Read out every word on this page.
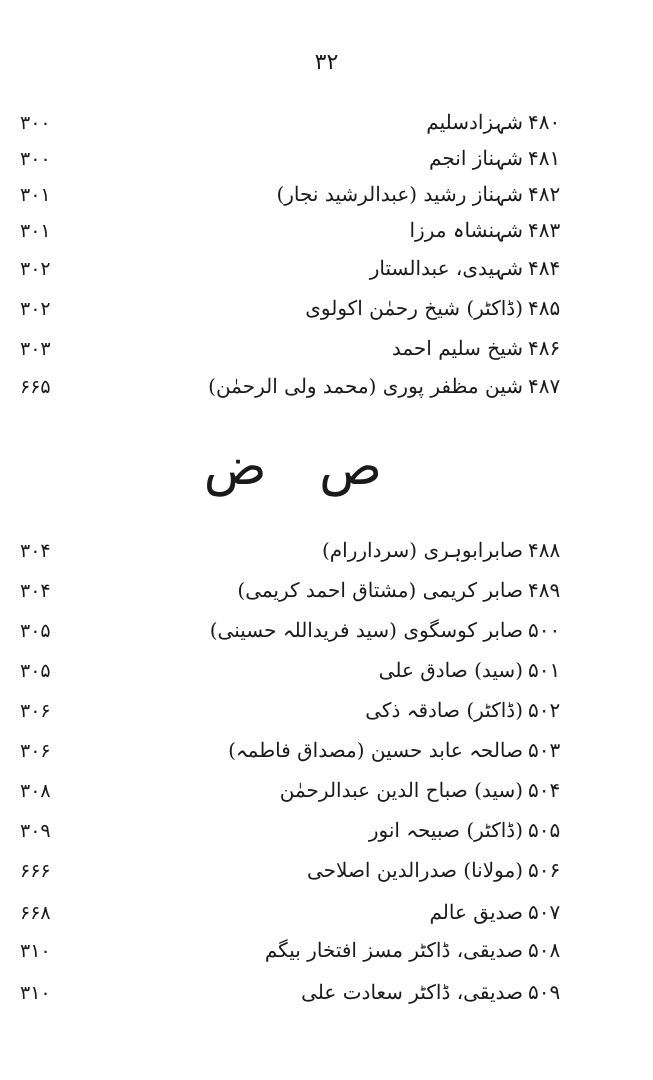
۳۲
۳۰۰	شہزادسلیم ۴۸۰
۳۰۰	شہناز انجم ۴۸۱
۳۰۱	شہناز رشید (عبدالرشید نجار) ۴۸۲
۳۰۱	شہنشاہ مرزا ۴۸۳
۳۰۲	شہیدی، عبدالستار ۴۸۴
۳۰۲	(ڈاکٹر) شیخ رحمٰن اکولوی ۴۸۵
۳۰۳	شیخ سلیم احمد ۴۸۶
۶۶۵	شین مظفر پوری (محمد ولی الرحمٰن) ۴۸۷
ص ض
۳۰۴	صابرابوہری (سرداررام) ۴۸۸
۳۰۴	صابر کریمی (مشتاق احمد کریمی) ۴۸۹
۳۰۵	صابر کوسگوی (سید فریداللہ حسینی) ۵۰۰
۳۰۵	(سید) صادق علی ۵۰۱
۳۰۶	(ڈاکٹر) صادقہ ذکی ۵۰۲
۳۰۶	صالحہ عابد حسین (مصداق فاطمہ) ۵۰۳
۳۰۸	(سید) صباح الدین عبدالرحمٰن ۵۰۴
۳۰۹	(ڈاکٹر) صبیحہ انور ۵۰۵
۶۶۶	(مولانا) صدرالدین اصلاحی ۵۰۶
۶۶۸	صدیق عالم ۵۰۷
۳۱۰	صدیقی، ڈاکٹر مسز افتخار بیگم ۵۰۸
۳۱۰	صدیقی، ڈاکٹر سعادت علی ۵۰۹
